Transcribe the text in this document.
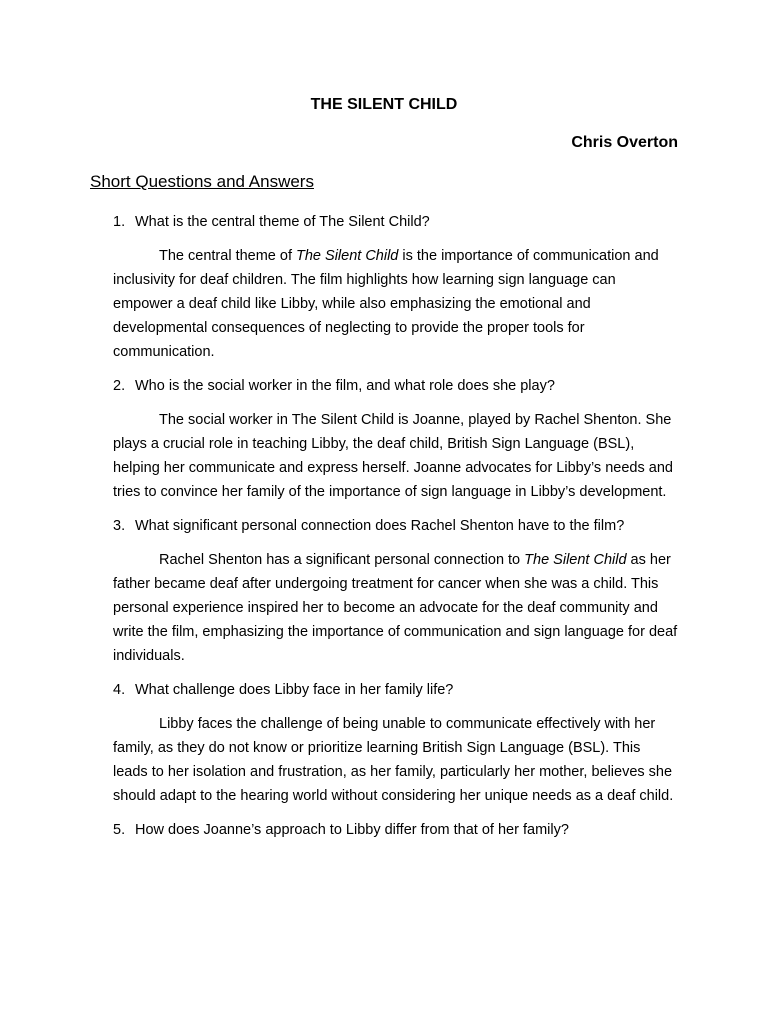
THE SILENT CHILD
Chris Overton
Short Questions and Answers
1. What is the central theme of The Silent Child?

The central theme of The Silent Child is the importance of communication and inclusivity for deaf children. The film highlights how learning sign language can empower a deaf child like Libby, while also emphasizing the emotional and developmental consequences of neglecting to provide the proper tools for communication.

2. Who is the social worker in the film, and what role does she play?

The social worker in The Silent Child is Joanne, played by Rachel Shenton. She plays a crucial role in teaching Libby, the deaf child, British Sign Language (BSL), helping her communicate and express herself. Joanne advocates for Libby’s needs and tries to convince her family of the importance of sign language in Libby’s development.

3. What significant personal connection does Rachel Shenton have to the film?

Rachel Shenton has a significant personal connection to The Silent Child as her father became deaf after undergoing treatment for cancer when she was a child. This personal experience inspired her to become an advocate for the deaf community and write the film, emphasizing the importance of communication and sign language for deaf individuals.

4. What challenge does Libby face in her family life?

Libby faces the challenge of being unable to communicate effectively with her family, as they do not know or prioritize learning British Sign Language (BSL). This leads to her isolation and frustration, as her family, particularly her mother, believes she should adapt to the hearing world without considering her unique needs as a deaf child.

5. How does Joanne’s approach to Libby differ from that of her family?
